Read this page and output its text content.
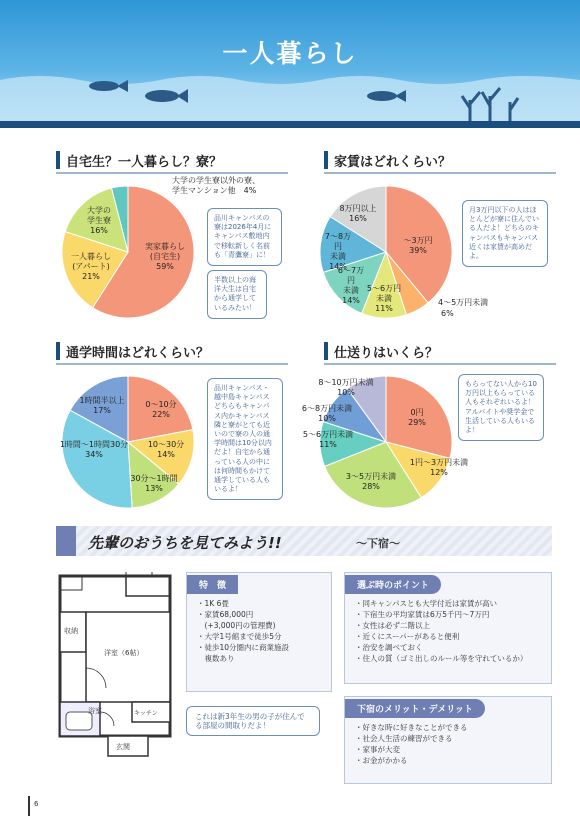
一人暮らし
自宅生？一人暮らし？寮？	家賃はどれくらい？
通学時間はどれくらい？	仕送りはいくら？
実家暮らし
(自宅生)
59%
一人暮らし
(アパート)
21%
大学の
学生寮
16%
大学の学生寮以外の寮、
学生マンション他　4%
品川キャンパスの寮は2026年4月にキャンパス敷地内で移転新しく名前も「青鷹寮」に！
半数以上の海洋大生は自宅から通学しているみたい！
～3万円
39%
4～5万円未満
6%
5～6万円
未満
11%
6～7万円
未満
14%
7～8万円
未満
14%
8万円以上
16%
月3万円以下の人はほとんどが寮に住んでいる人だよ！どちらのキャンパスもキャンパス近くは家賃が高めだよ。
0～10分
22%
10～30分
14%
30分～1時間
13%
1時間～1時間30分
34%
1時間半以上
17%
品川キャンパス・越中島キャンパスどちらもキャンパス内かキャンパス隣と寮がとても近いので寮の人の通学時間は10分以内だよ！自宅から通っている人の中には何時間もかけて通学している人もいるよ！
0円
29%
1円～3万円未満
12%
3～5万円未満
28%
5～6万円未満
11%
6～8万円未満
10%
8～10万円未満
10%
もらってない人から10万円以上もらっている人もそれぞれいるよ！アルバイトや奨学金で生活している人もいるよ！
先輩のおうちを見てみよう!!	～下宿～
収納
洋室（6帖）
浴室	キッチン
玄関
特　徴
・1K 6畳
・家賃68,000円
　(+3,000円の管理費)
・大学1号館まで徒歩5分
・徒歩10分圏内に商業施設
　複数あり
これは新3年生の男の子が住んでる部屋の間取りだよ！
選ぶ時のポイント
・同キャンパスとも大学付近は家賃が高い
・下宿生の平均家賃は6万5千円～7万円
・女性は必ず二階以上
・近くにスーパーがあると便利
・治安を調べておく
・住人の質（ゴミ出しのルール等を守れているか）
下宿のメリット・デメリット
・好きな時に好きなことができる
・社会人生活の練習ができる
・家事が大変
・お金がかかる
6
